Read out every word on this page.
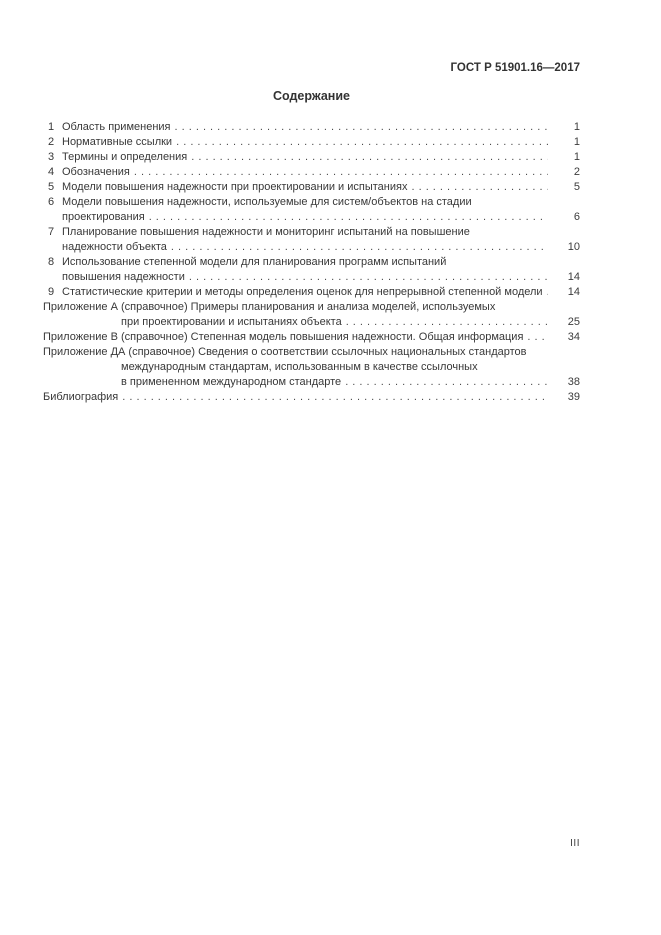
ГОСТ Р 51901.16—2017
Содержание
1 Область применения . . .	1
2 Нормативные ссылки . . .	1
3 Термины и определения . . .	1
4 Обозначения . . .	2
5 Модели повышения надежности при проектировании и испытаниях . . .	5
6 Модели повышения надежности, используемые для систем/объектов на стадии
проектирования . . .	6
7 Планирование повышения надежности и мониторинг испытаний на повышение
надежности объекта . . .	10
8 Использование степенной модели для планирования программ испытаний
повышения надежности . . .	14
9 Статистические критерии и методы определения оценок для непрерывной степенной модели . . .	14
Приложение А (справочное) Примеры планирования и анализа моделей, используемых
при проектировании и испытаниях объекта . . .	25
Приложение В (справочное) Степенная модель повышения надежности. Общая информация . . .	34
Приложение ДА (справочное) Сведения о соответствии ссылочных национальных стандартов
международным стандартам, использованным в качестве ссылочных
в примененном международном стандарте . . .	38
Библиография . . .	39
III
